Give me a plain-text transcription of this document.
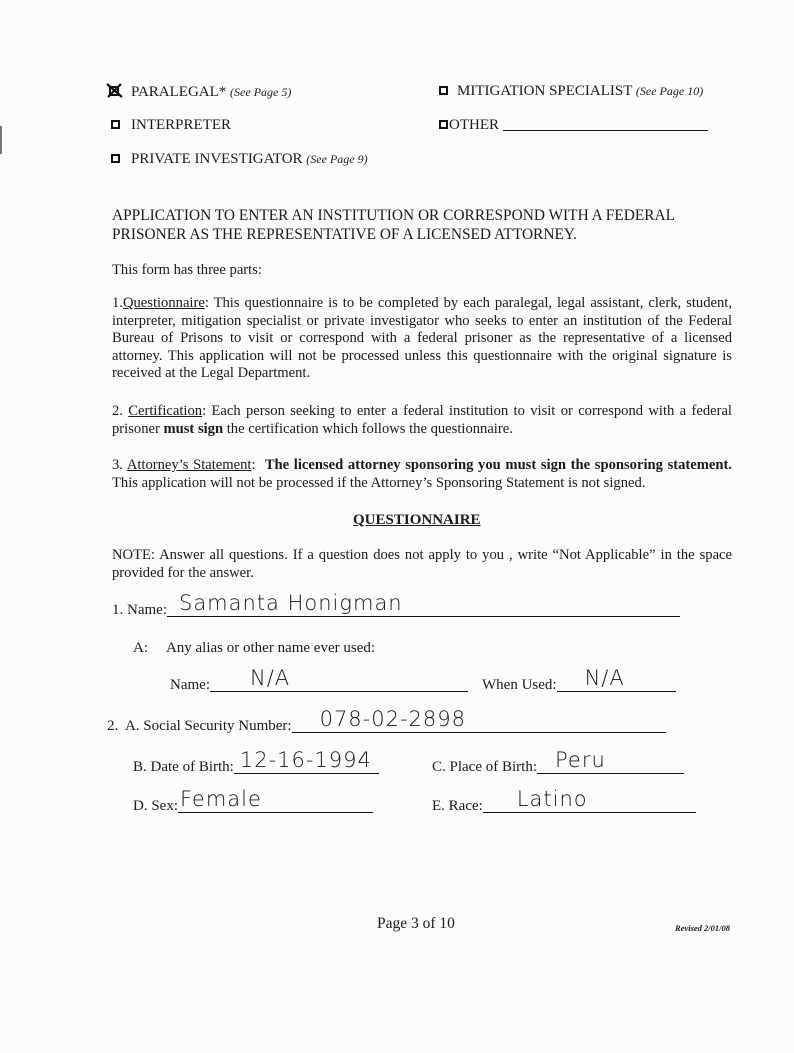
PARALEGAL* (See Page 5)	MITIGATION SPECIALIST (See Page 10)
INTERPRETER	OTHER
PRIVATE INVESTIGATOR (See Page 9)
APPLICATION TO ENTER AN INSTITUTION OR CORRESPOND WITH A FEDERAL PRISONER AS THE REPRESENTATIVE OF A LICENSED ATTORNEY.
This form has three parts:
1.Questionnaire: This questionnaire is to be completed by each paralegal, legal assistant, clerk, student, interpreter, mitigation specialist or private investigator who seeks to enter an institution of the Federal Bureau of Prisons to visit or correspond with a federal prisoner as the representative of a licensed attorney. This application will not be processed unless this questionnaire with the original signature is received at the Legal Department.
2. Certification: Each person seeking to enter a federal institution to visit or correspond with a federal prisoner must sign the certification which follows the questionnaire.
3. Attorney’s Statement: The licensed attorney sponsoring you must sign the sponsoring statement. This application will not be processed if the Attorney’s Sponsoring Statement is not signed.
QUESTIONNAIRE
NOTE: Answer all questions. If a question does not apply to you , write “Not Applicable” in the space provided for the answer.
1. Name: Samanta Honigman
A: Any alias or other name ever used:
Name: N/A	When Used: N/A
2. A. Social Security Number: 078-02-2898
B. Date of Birth: 12-16-1994	C. Place of Birth: Peru
D. Sex: Female	E. Race: Latino
Page 3 of 10	Revised 2/01/08
